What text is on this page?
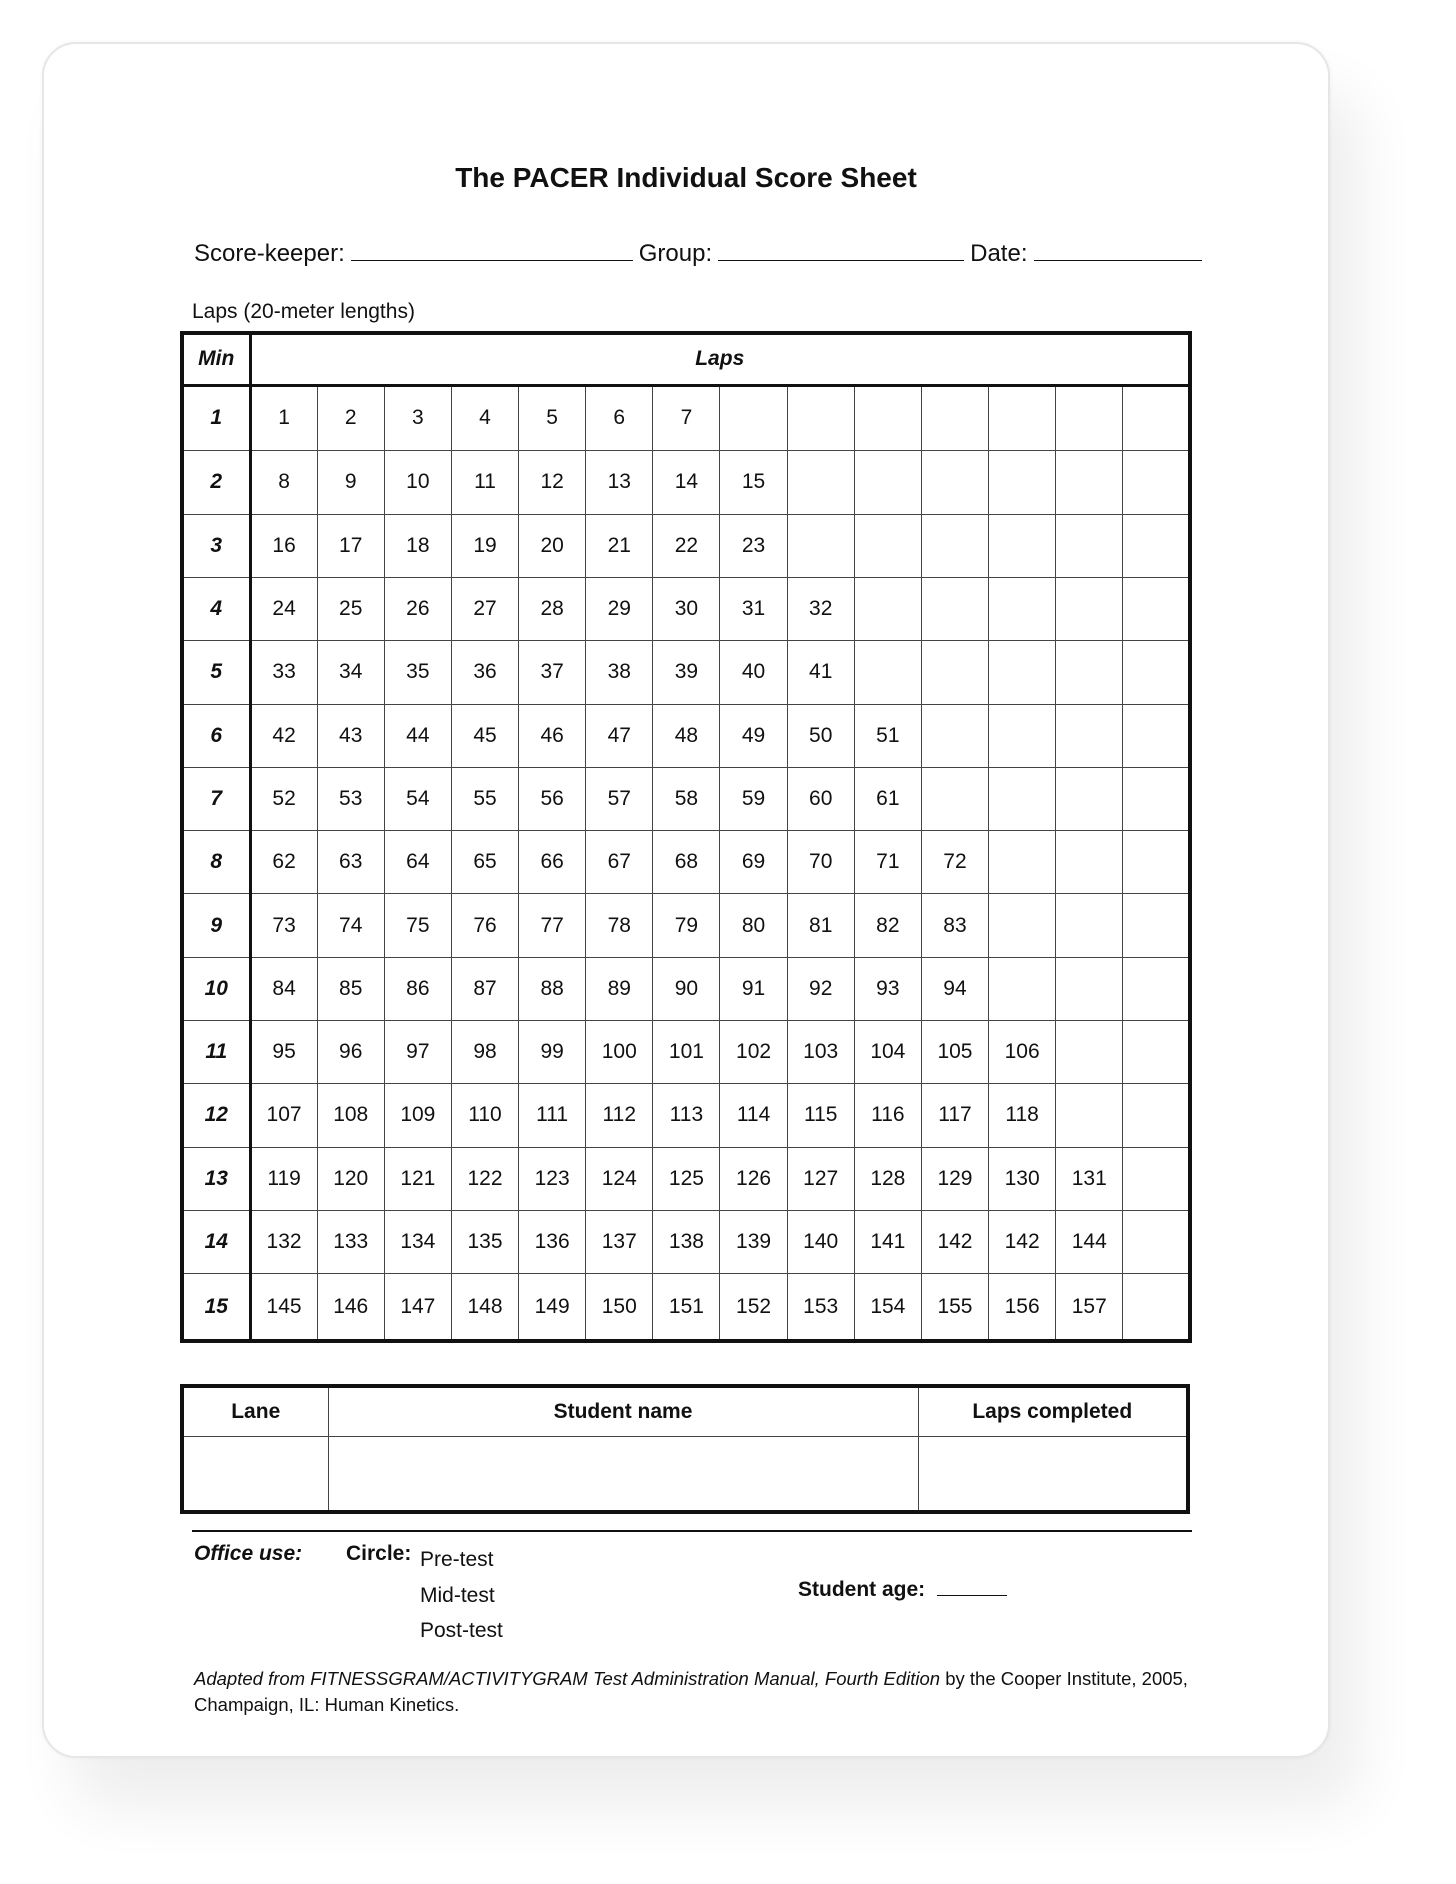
The PACER Individual Score Sheet
Score-keeper:	Group:	Date:
Laps (20-meter lengths)
Min	Laps													
1	1	2	3	4	5	6	7							
2	8	9	10	11	12	13	14	15						
3	16	17	18	19	20	21	22	23						
4	24	25	26	27	28	29	30	31	32					
5	33	34	35	36	37	38	39	40	41					
6	42	43	44	45	46	47	48	49	50	51				
7	52	53	54	55	56	57	58	59	60	61				
8	62	63	64	65	66	67	68	69	70	71	72			
9	73	74	75	76	77	78	79	80	81	82	83			
10	84	85	86	87	88	89	90	91	92	93	94			
11	95	96	97	98	99	100	101	102	103	104	105	106		
12	107	108	109	110	111	112	113	114	115	116	117	118		
13	119	120	121	122	123	124	125	126	127	128	129	130	131	
14	132	133	134	135	136	137	138	139	140	141	142	142	144	
15	145	146	147	148	149	150	151	152	153	154	155	156	157	
Lane	Student name	Laps completed

Office use: Circle: Pre-test
Mid-test
Post-test
Student age:
Adapted from FITNESSGRAM/ACTIVITYGRAM Test Administration Manual, Fourth Edition by the Cooper Institute, 2005, Champaign, IL: Human Kinetics.
